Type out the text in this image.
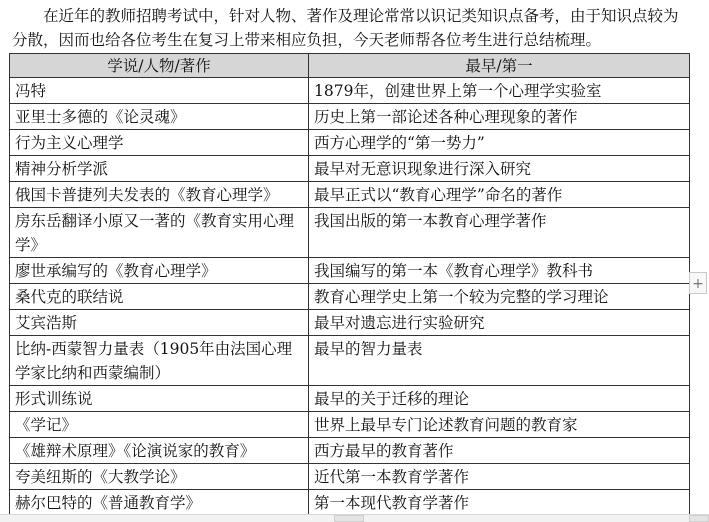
在近年的教师招聘考试中，针对人物、著作及理论常常以识记类知识点备考，由于知识点较为分散，因而也给各位考生在复习上带来相应负担，今天老师帮各位考生进行总结梳理。

学说/人物/著作	最早/第一
冯特	1879年，创建世界上第一个心理学实验室
亚里士多德的《论灵魂》	历史上第一部论述各种心理现象的著作
行为主义心理学	西方心理学的“第一势力”
精神分析学派	最早对无意识现象进行深入研究
俄国卡普捷列夫发表的《教育心理学》	最早正式以“教育心理学”命名的著作
房东岳翻译小原又一著的《教育实用心理学》	我国出版的第一本教育心理学著作
廖世承编写的《教育心理学》	我国编写的第一本《教育心理学》教科书
桑代克的联结说	教育心理学史上第一个较为完整的学习理论
艾宾浩斯	最早对遗忘进行实验研究
比纳-西蒙智力量表（1905年由法国心理学家比纳和西蒙编制）	最早的智力量表
形式训练说	最早的关于迁移的理论
《学记》	世界上最早专门论述教育问题的教育家
《雄辩术原理》《论演说家的教育》	西方最早的教育著作
夸美纽斯的《大教学论》	近代第一本教育学著作
赫尔巴特的《普通教育学》	第一本现代教育学著作
+
